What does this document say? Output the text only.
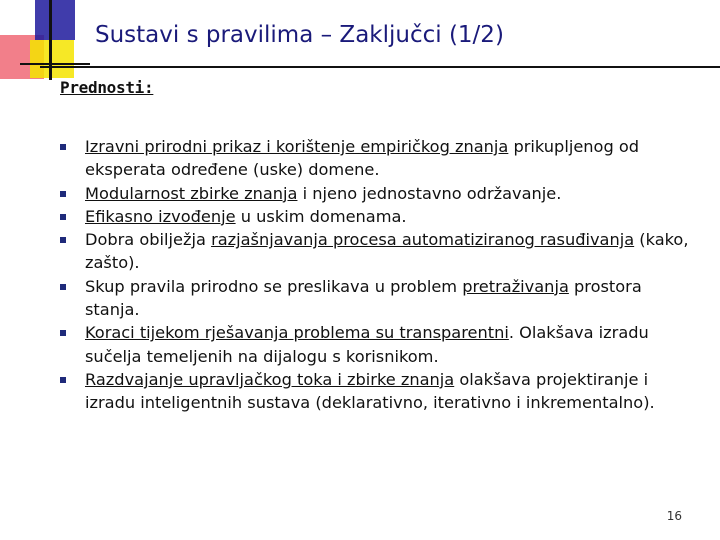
Sustavi s pravilima – Zaključci (1/2)
Prednosti:
Izravni prirodni prikaz i korištenje empiričkog znanja prikupljenog od eksperata određene (uske) domene.
Modularnost zbirke znanja i njeno jednostavno održavanje.
Efikasno izvođenje u uskim domenama.
Dobra obilježja razjašnjavanja procesa automatiziranog rasuđivanja (kako, zašto).
Skup pravila prirodno se preslikava u problem pretraživanja prostora stanja.
Koraci tijekom rješavanja problema su transparentni. Olakšava izradu sučelja temeljenih na dijalogu s korisnikom.
Razdvajanje upravljačkog toka i zbirke znanja olakšava projektiranje i izradu inteligentnih sustava (deklarativno, iterativno i inkrementalno).
16
